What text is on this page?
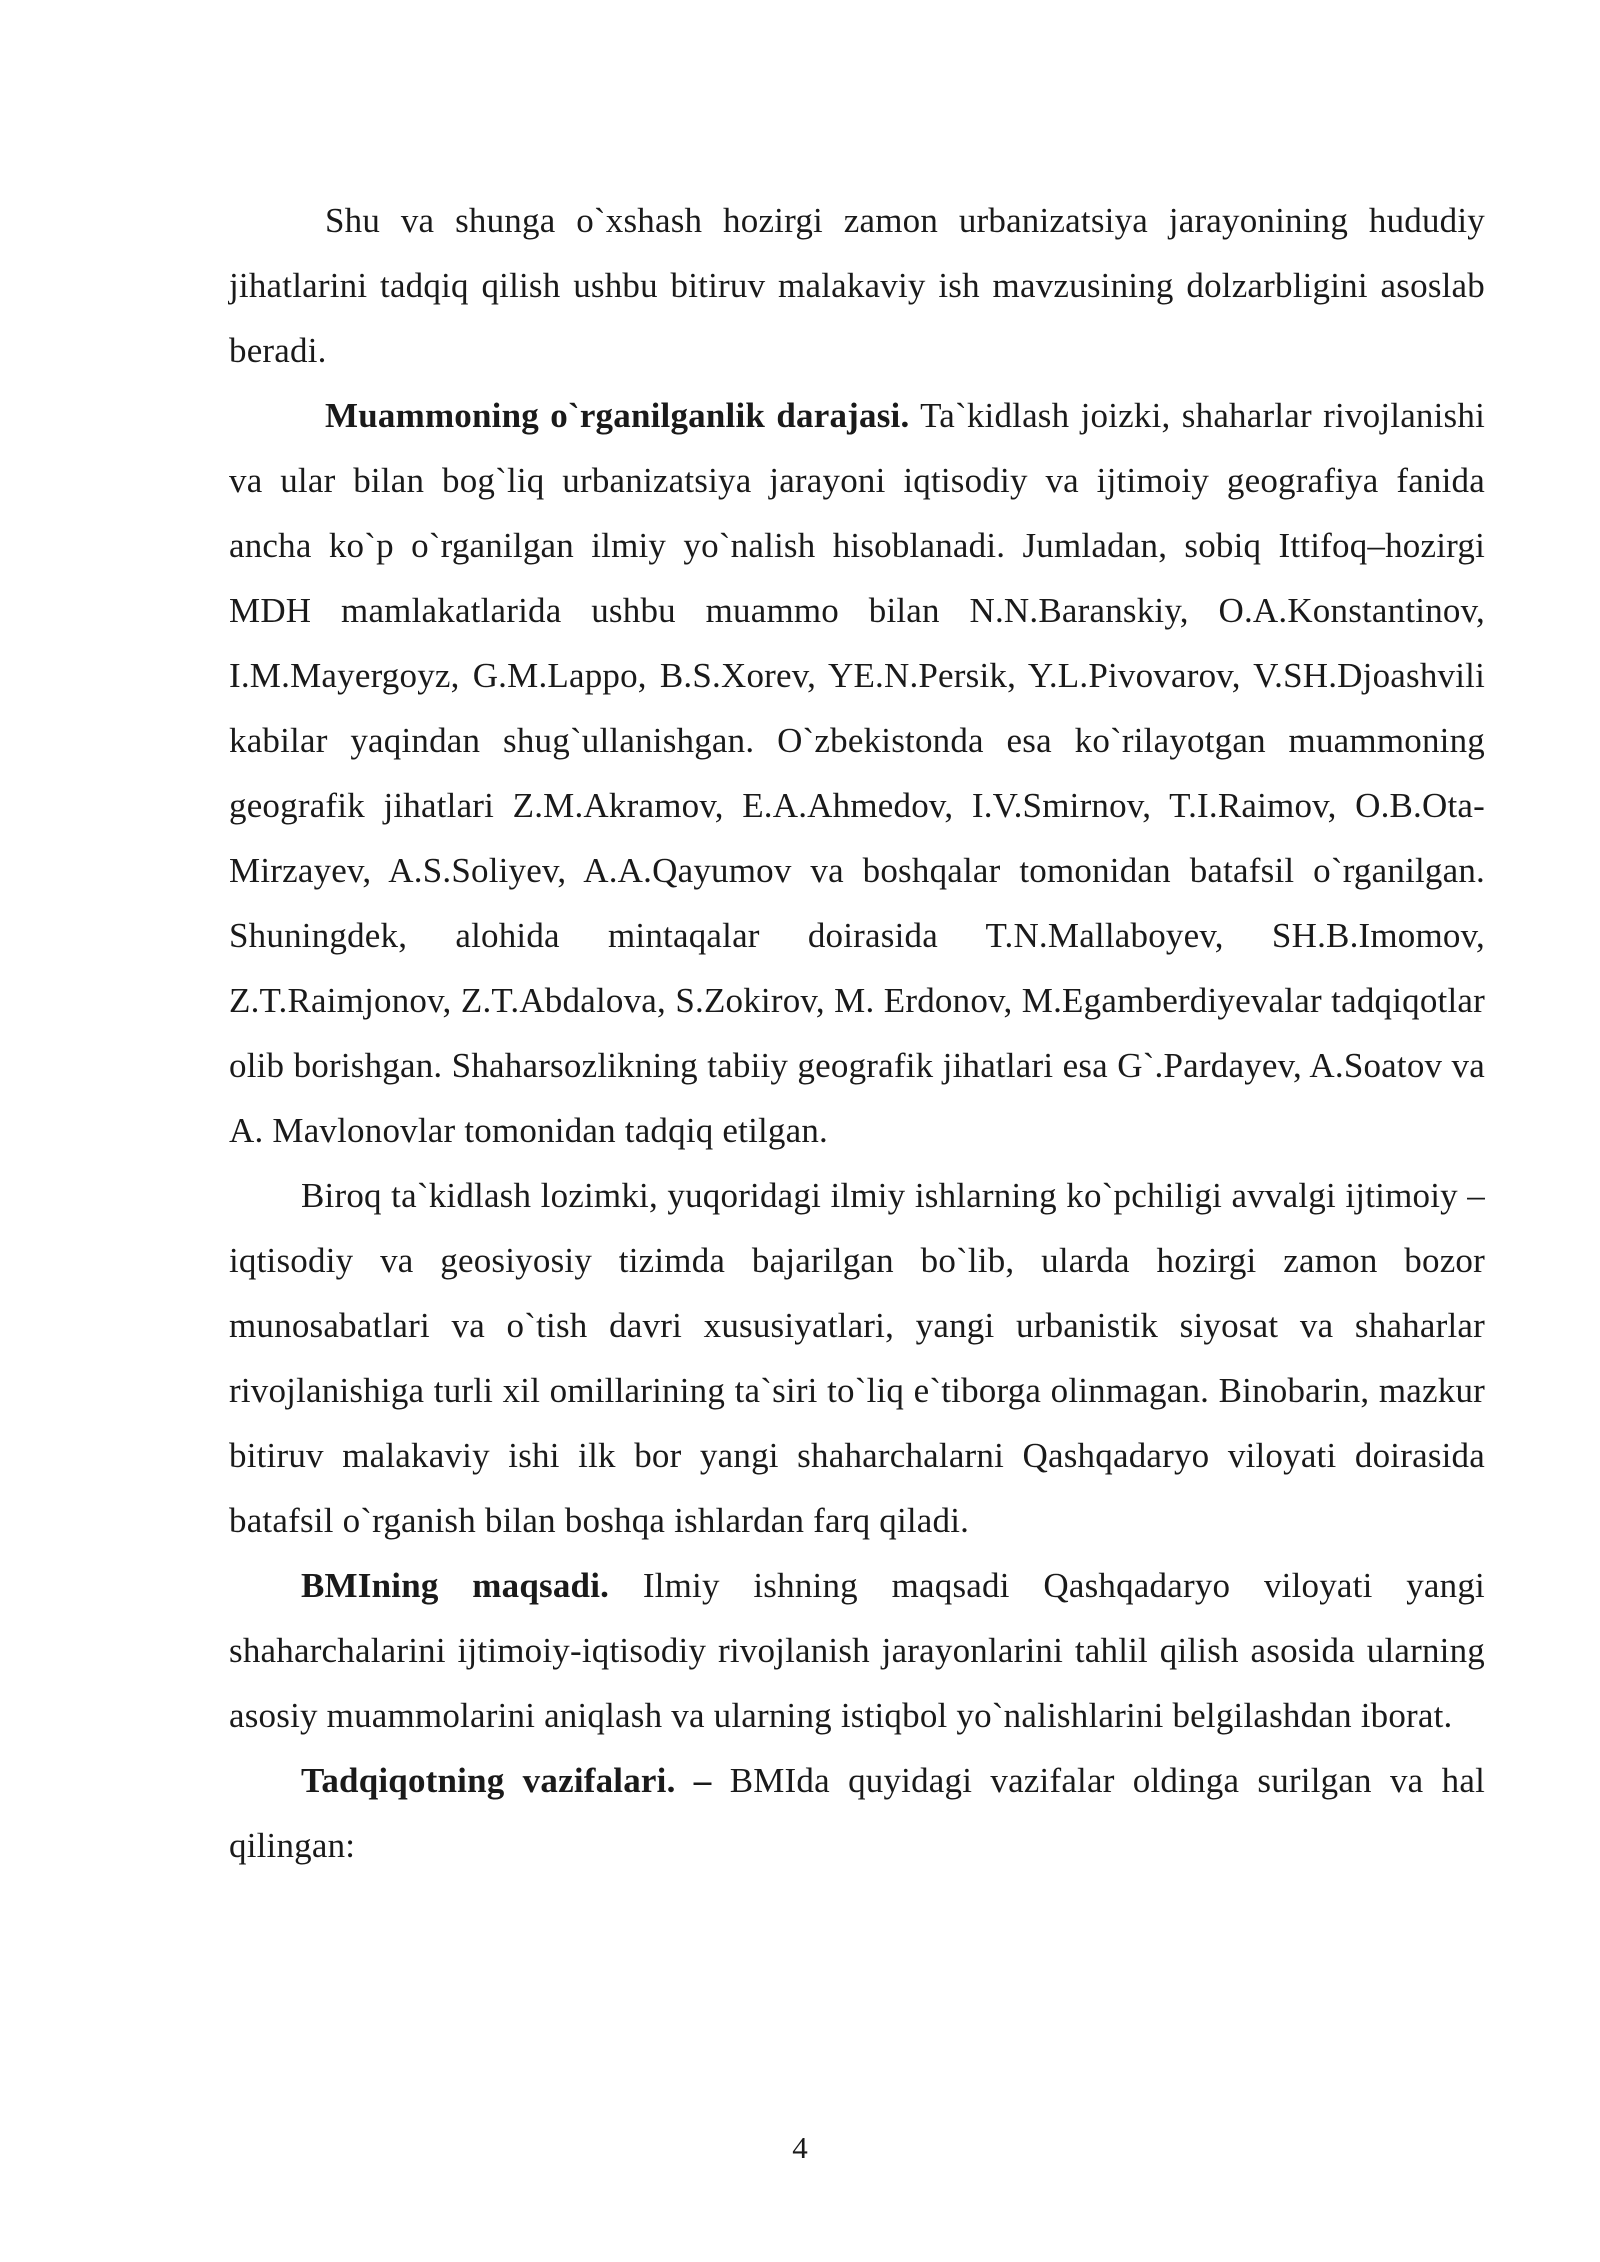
Shu va shunga o`xshash hozirgi zamon urbanizatsiya jarayonining hududiy jihatlarini tadqiq qilish ushbu bitiruv malakaviy ish mavzusining dolzarbligini asoslab beradi.

Muammoning o`rganilganlik darajasi. Ta`kidlash joizki, shaharlar rivojlanishi va ular bilan bog`liq urbanizatsiya jarayoni iqtisodiy va ijtimoiy geografiya fanida ancha ko`p o`rganilgan ilmiy yo`nalish hisoblanadi. Jumladan, sobiq Ittifoq–hozirgi MDH mamlakatlarida ushbu muammo bilan N.N.Baranskiy, O.A.Konstantinov, I.M.Mayergoyz, G.M.Lappo, B.S.Xorev, YE.N.Persik, Y.L.Pivovarov, V.SH.Djoashvili kabilar yaqindan shug`ullanishgan. O`zbekistonda esa ko`rilayotgan muammoning geografik jihatlari Z.M.Akramov, E.A.Ahmedov, I.V.Smirnov, T.I.Raimov, O.B.Ota-Mirzayev, A.S.Soliyev, A.A.Qayumov va boshqalar tomonidan batafsil o`rganilgan. Shuningdek, alohida mintaqalar doirasida T.N.Mallaboyev, SH.B.Imomov, Z.T.Raimjonov, Z.T.Abdalova, S.Zokirov, M. Erdonov, M.Egamberdiyevalar tadqiqotlar olib borishgan. Shaharsozlikning tabiiy geografik jihatlari esa G`.Pardayev, A.Soatov va A. Mavlonovlar tomonidan tadqiq etilgan.

Biroq ta`kidlash lozimki, yuqoridagi ilmiy ishlarning ko`pchiligi avvalgi ijtimoiy – iqtisodiy va geosiyosiy tizimda bajarilgan bo`lib, ularda hozirgi zamon bozor munosabatlari va o`tish davri xususiyatlari, yangi urbanistik siyosat va shaharlar rivojlanishiga turli xil omillarining ta`siri to`liq e`tiborga olinmagan. Binobarin, mazkur bitiruv malakaviy ishi ilk bor yangi shaharchalarni Qashqadaryo viloyati doirasida batafsil o`rganish bilan boshqa ishlardan farq qiladi.

BMIning maqsadi. Ilmiy ishning maqsadi Qashqadaryo viloyati yangi shaharchalarini ijtimoiy-iqtisodiy rivojlanish jarayonlarini tahlil qilish asosida ularning asosiy muammolarini aniqlash va ularning istiqbol yo`nalishlarini belgilashdan iborat.

Tadqiqotning vazifalari. – BMIda quyidagi vazifalar oldinga surilgan va hal qilingan:

4
